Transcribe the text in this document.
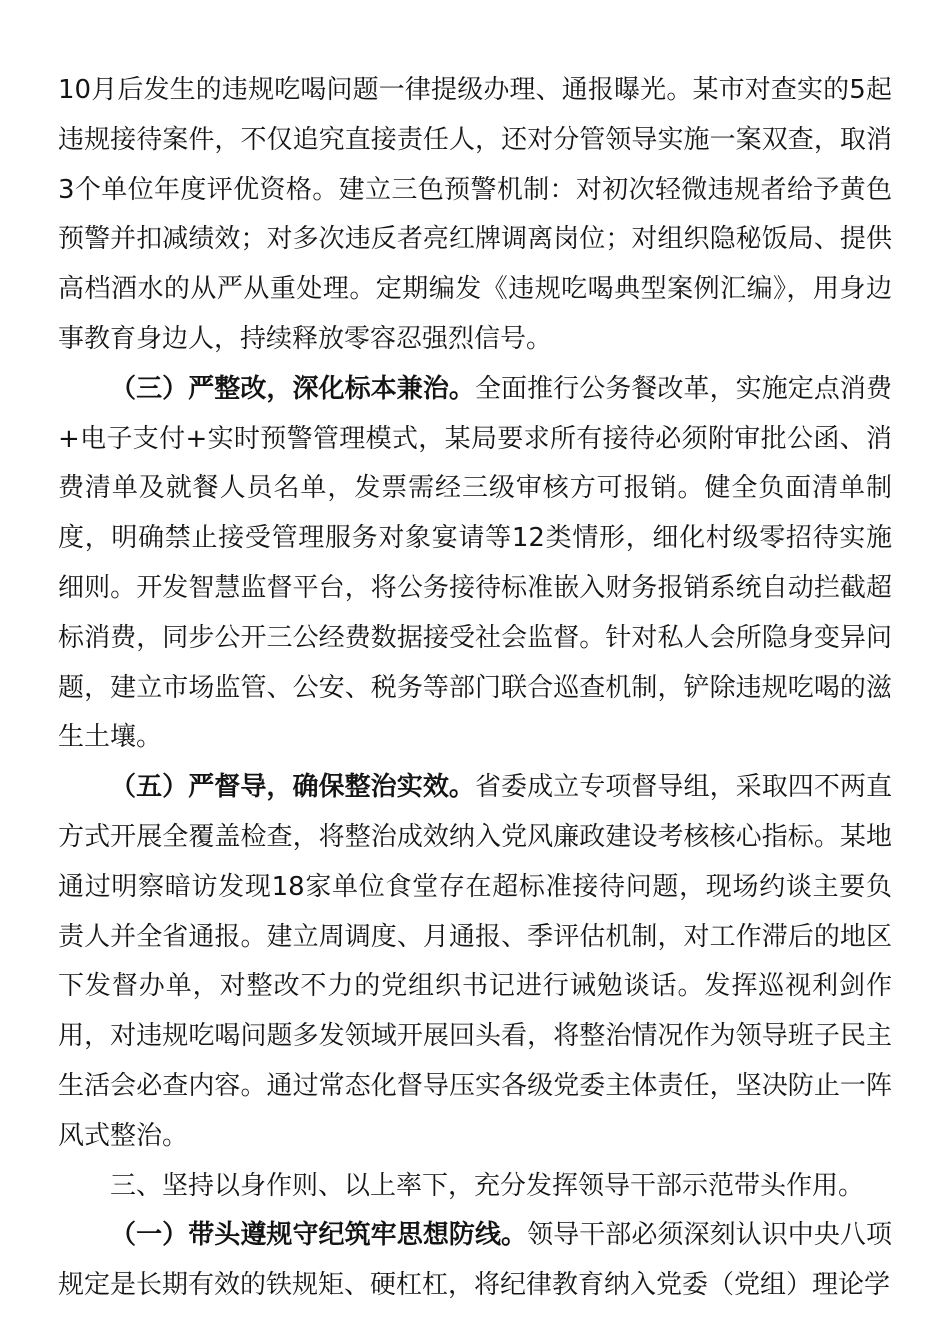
10月后发生的违规吃喝问题一律提级办理、通报曝光。某市对查实的5起违规接待案件，不仅追究直接责任人，还对分管领导实施一案双查，取消3个单位年度评优资格。建立三色预警机制：对初次轻微违规者给予黄色预警并扣减绩效；对多次违反者亮红牌调离岗位；对组织隐秘饭局、提供高档酒水的从严从重处理。定期编发《违规吃喝典型案例汇编》，用身边事教育身边人，持续释放零容忍强烈信号。

（三）严整改，深化标本兼治。全面推行公务餐改革，实施定点消费+电子支付+实时预警管理模式，某局要求所有接待必须附审批公函、消费清单及就餐人员名单，发票需经三级审核方可报销。健全负面清单制度，明确禁止接受管理服务对象宴请等12类情形，细化村级零招待实施细则。开发智慧监督平台，将公务接待标准嵌入财务报销系统自动拦截超标消费，同步公开三公经费数据接受社会监督。针对私人会所隐身变异问题，建立市场监管、公安、税务等部门联合巡查机制，铲除违规吃喝的滋生土壤。

（五）严督导，确保整治实效。省委成立专项督导组，采取四不两直方式开展全覆盖检查，将整治成效纳入党风廉政建设考核核心指标。某地通过明察暗访发现18家单位食堂存在超标准接待问题，现场约谈主要负责人并全省通报。建立周调度、月通报、季评估机制，对工作滞后的地区下发督办单，对整改不力的党组织书记进行诫勉谈话。发挥巡视利剑作用，对违规吃喝问题多发领域开展回头看，将整治情况作为领导班子民主生活会必查内容。通过常态化督导压实各级党委主体责任，坚决防止一阵风式整治。

三、坚持以身作则、以上率下，充分发挥领导干部示范带头作用。

（一）带头遵规守纪筑牢思想防线。领导干部必须深刻认识中央八项规定是长期有效的铁规矩、硬杠杠，将纪律教育纳入党委（党组）理论学
